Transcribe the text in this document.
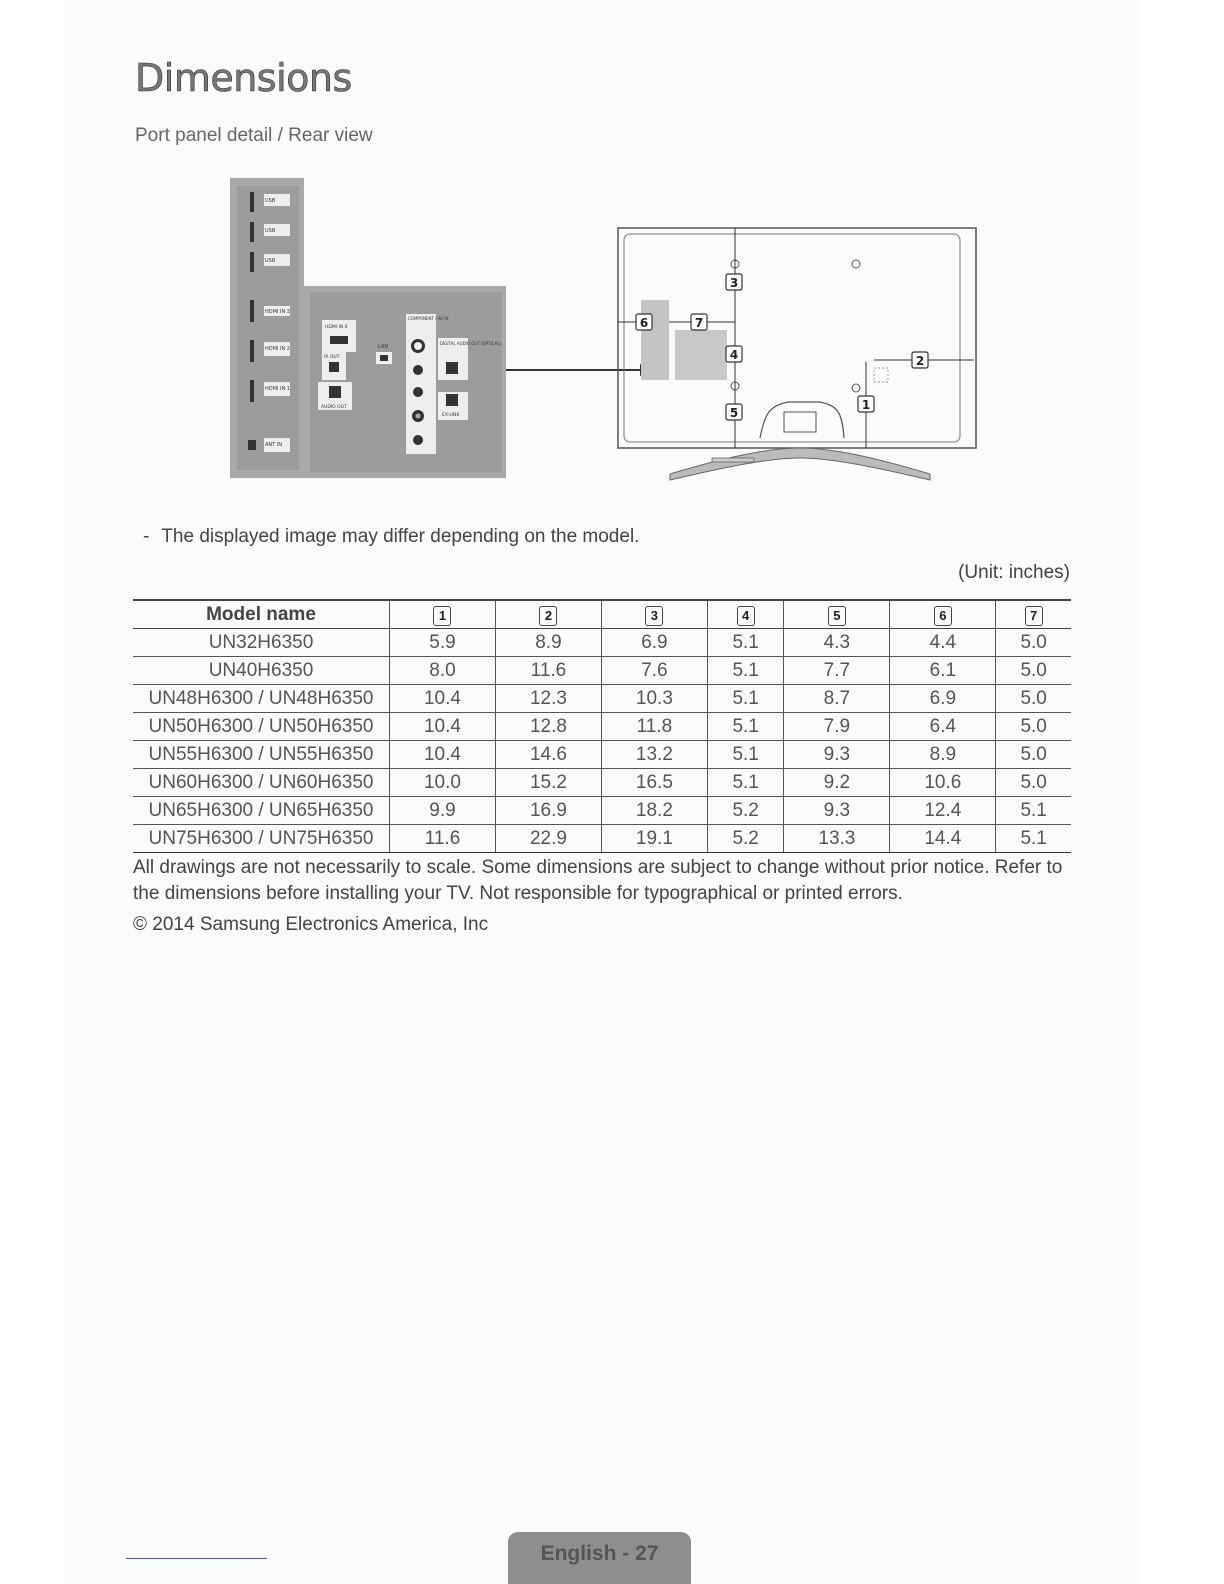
Dimensions
Port panel detail / Rear view
USB
USB
USB
HDMI IN 3
HDMI IN 2
HDMI IN 1
ANT IN
HDMI IN 4
IR OUT
LAN
AUDIO OUT
COMPONENT / AV IN
DIGITAL AUDIO OUT (OPTICAL)
EX-LINK
3
4
5
6	7
2
1
- The displayed image may differ depending on the model.
(Unit: inches)
Model name	1	2	3	4	5	6	7
UN32H6350	5.9	8.9	6.9	5.1	4.3	4.4	5.0
UN40H6350	8.0	11.6	7.6	5.1	7.7	6.1	5.0
UN48H6300 / UN48H6350	10.4	12.3	10.3	5.1	8.7	6.9	5.0
UN50H6300 / UN50H6350	10.4	12.8	11.8	5.1	7.9	6.4	5.0
UN55H6300 / UN55H6350	10.4	14.6	13.2	5.1	9.3	8.9	5.0
UN60H6300 / UN60H6350	10.0	15.2	16.5	5.1	9.2	10.6	5.0
UN65H6300 / UN65H6350	9.9	16.9	18.2	5.2	9.3	12.4	5.1
UN75H6300 / UN75H6350	11.6	22.9	19.1	5.2	13.3	14.4	5.1

All drawings are not necessarily to scale. Some dimensions are subject to change without prior notice. Refer to the dimensions before installing your TV. Not responsible for typographical or printed errors.

© 2014 Samsung Electronics America, Inc
English - 27
